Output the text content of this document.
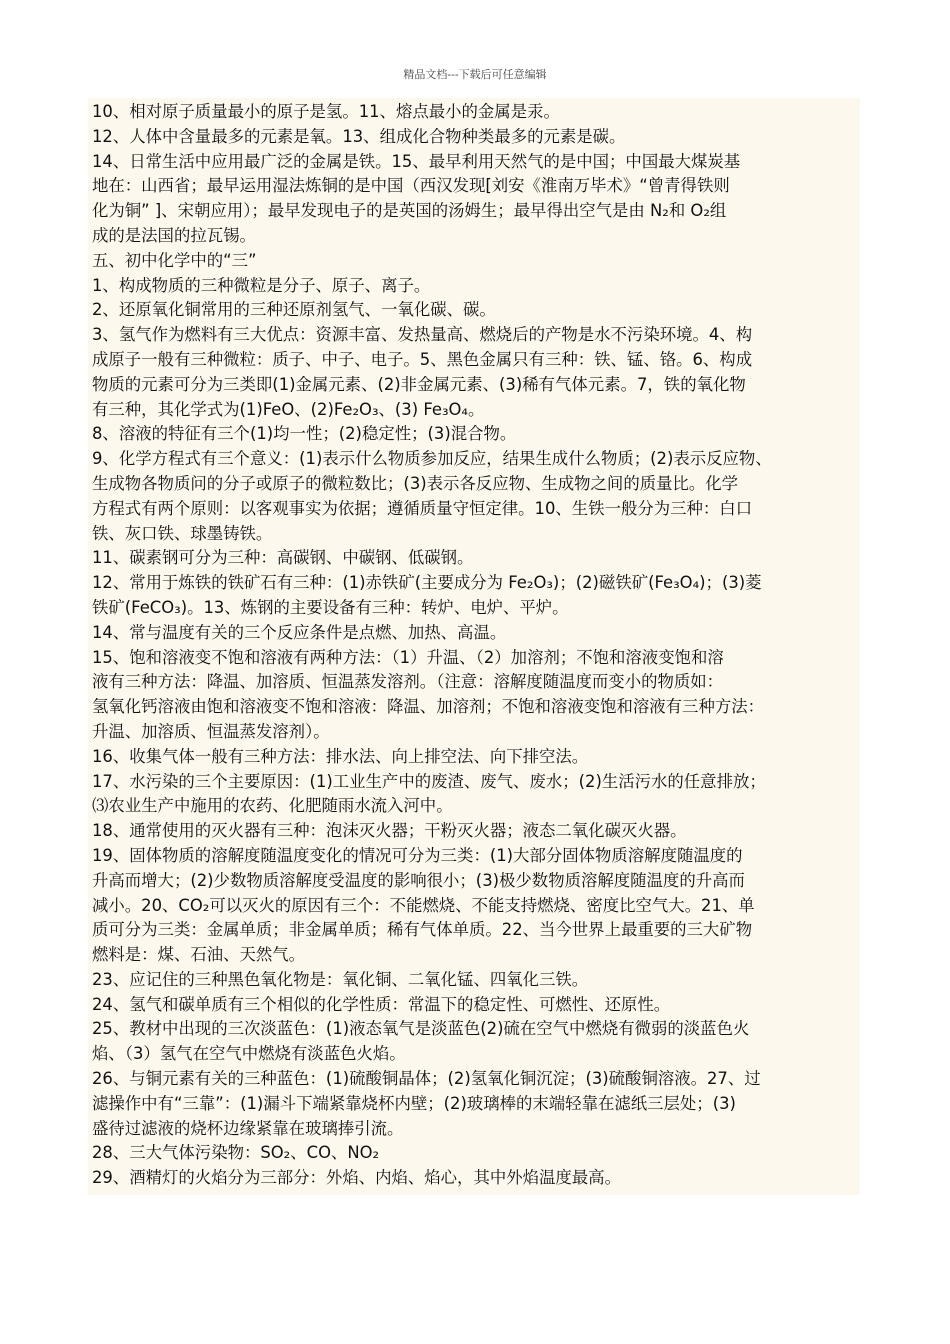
精品文档---下载后可任意编辑
10、相对原子质量最小的原子是氢。11、熔点最小的金属是汞。
12、人体中含量最多的元素是氧。13、组成化合物种类最多的元素是碳。
14、日常生活中应用最广泛的金属是铁。15、最早利用天然气的是中国；中国最大煤炭基
地在：山西省；最早运用湿法炼铜的是中国（西汉发现[刘安《淮南万毕术》“曾青得铁则
化为铜” ]、宋朝应用）；最早发现电子的是英国的汤姆生；最早得出空气是由 N₂和 O₂组
成的是法国的拉瓦锡。
五、初中化学中的“三”
1、构成物质的三种微粒是分子、原子、离子。
2、还原氧化铜常用的三种还原剂氢气、一氧化碳、碳。
3、氢气作为燃料有三大优点：资源丰富、发热量高、燃烧后的产物是水不污染环境。4、构
成原子一般有三种微粒：质子、中子、电子。5、黑色金属只有三种：铁、锰、铬。6、构成
物质的元素可分为三类即(1)金属元素、(2)非金属元素、(3)稀有气体元素。7，铁的氧化物
有三种，其化学式为(1)FeO、(2)Fe₂O₃、(3) Fe₃O₄。
8、溶液的特征有三个(1)均一性；(2)稳定性；(3)混合物。
9、化学方程式有三个意义：(1)表示什么物质参加反应，结果生成什么物质；(2)表示反应物、
生成物各物质问的分子或原子的微粒数比；(3)表示各反应物、生成物之间的质量比。化学
方程式有两个原则：以客观事实为依据；遵循质量守恒定律。10、生铁一般分为三种：白口
铁、灰口铁、球墨铸铁。
11、碳素钢可分为三种：高碳钢、中碳钢、低碳钢。
12、常用于炼铁的铁矿石有三种：(1)赤铁矿(主要成分为 Fe₂O₃)；(2)磁铁矿(Fe₃O₄)；(3)菱
铁矿(FeCO₃)。13、炼钢的主要设备有三种：转炉、电炉、平炉。
14、常与温度有关的三个反应条件是点燃、加热、高温。
15、饱和溶液变不饱和溶液有两种方法：（1）升温、（2）加溶剂；不饱和溶液变饱和溶
液有三种方法：降温、加溶质、恒温蒸发溶剂。（注意：溶解度随温度而变小的物质如：
氢氧化钙溶液由饱和溶液变不饱和溶液：降温、加溶剂；不饱和溶液变饱和溶液有三种方法：
升温、加溶质、恒温蒸发溶剂）。
16、收集气体一般有三种方法：排水法、向上排空法、向下排空法。
17、水污染的三个主要原因：(1)工业生产中的废渣、废气、废水；(2)生活污水的任意排放；
⑶农业生产中施用的农药、化肥随雨水流入河中。
18、通常使用的灭火器有三种：泡沫灭火器；干粉灭火器；液态二氧化碳灭火器。
19、固体物质的溶解度随温度变化的情况可分为三类：(1)大部分固体物质溶解度随温度的
升高而增大；(2)少数物质溶解度受温度的影响很小；(3)极少数物质溶解度随温度的升高而
减小。20、CO₂可以灭火的原因有三个：不能燃烧、不能支持燃烧、密度比空气大。21、单
质可分为三类：金属单质；非金属单质；稀有气体单质。22、当今世界上最重要的三大矿物
燃料是：煤、石油、天然气。
23、应记住的三种黑色氧化物是：氧化铜、二氧化锰、四氧化三铁。
24、氢气和碳单质有三个相似的化学性质：常温下的稳定性、可燃性、还原性。
25、教材中出现的三次淡蓝色：(1)液态氧气是淡蓝色(2)硫在空气中燃烧有微弱的淡蓝色火
焰、（3）氢气在空气中燃烧有淡蓝色火焰。
26、与铜元素有关的三种蓝色：(1)硫酸铜晶体；(2)氢氧化铜沉淀；(3)硫酸铜溶液。27、过
滤操作中有“三靠”：(1)漏斗下端紧靠烧杯内壁；(2)玻璃棒的末端轻靠在滤纸三层处；(3)
盛待过滤液的烧杯边缘紧靠在玻璃捧引流。
28、三大气体污染物：SO₂、CO、NO₂
29、酒精灯的火焰分为三部分：外焰、内焰、焰心，其中外焰温度最高。
